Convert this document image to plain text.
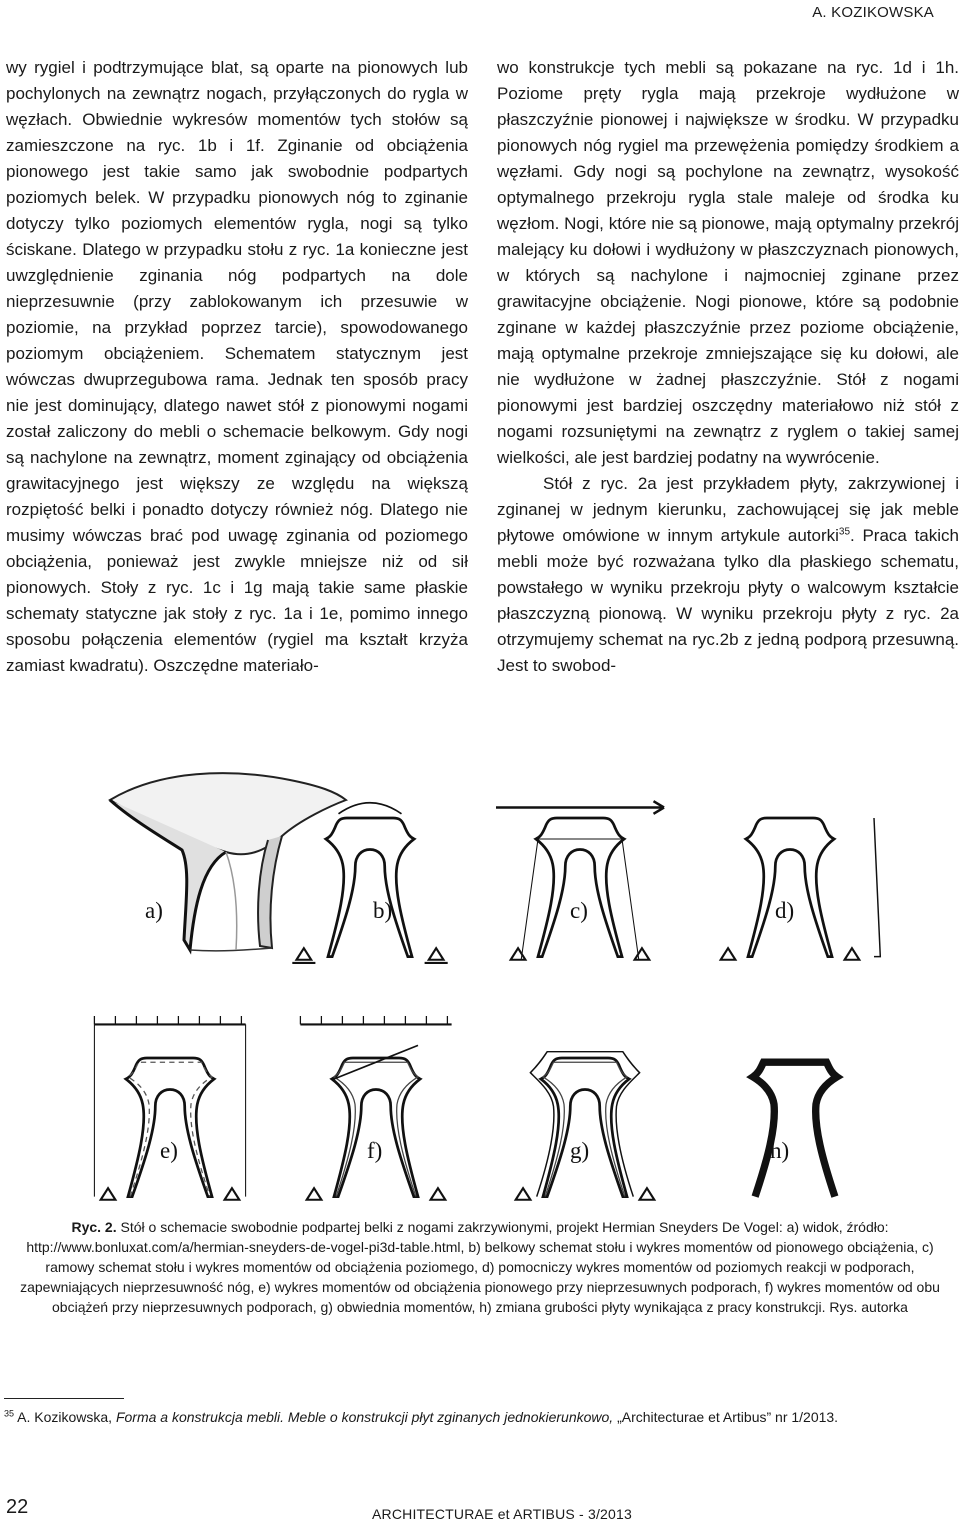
A. KOZIKOWSKA

wy rygiel i podtrzymujące blat, są oparte na pionowych lub pochylonych na zewnątrz nogach, przyłączonych do rygla w węzłach. Obwiednie wykresów momentów tych stołów są zamieszczone na ryc. 1b i 1f. Zginanie od obciążenia pionowego jest takie samo jak swobodnie podpartych poziomych belek. W przypadku pionowych nóg to zginanie dotyczy tylko poziomych elementów rygla, nogi są tylko ściskane. Dlatego w przypadku stołu z ryc. 1a konieczne jest uwzględnienie zginania nóg podpartych na dole nieprzesuwnie (przy zablokowanym ich przesuwie w poziomie, na przykład poprzez tarcie), spowodowanego poziomym obciążeniem. Schematem statycznym jest wówczas dwuprzegubowa rama. Jednak ten sposób pracy nie jest dominujący, dlatego nawet stół z pionowymi nogami został zaliczony do mebli o schemacie belkowym. Gdy nogi są nachylone na zewnątrz, moment zginający od obciążenia grawitacyjnego jest większy ze względu na większą rozpiętość belki i ponadto dotyczy również nóg. Dlatego nie musimy wówczas brać pod uwagę zginania od poziomego obciążenia, ponieważ jest zwykle mniejsze niż od sił pionowych. Stoły z ryc. 1c i 1g mają takie same płaskie schematy statyczne jak stoły z ryc. 1a i 1e, pomimo innego sposobu połączenia elementów (rygiel ma kształt krzyża zamiast kwadratu). Oszczędne materiało-

wo konstrukcje tych mebli są pokazane na ryc. 1d i 1h. Poziome pręty rygla mają przekroje wydłużone w płaszczyźnie pionowej i największe w środku. W przypadku pionowych nóg rygiel ma przewężenia pomiędzy środkiem a węzłami. Gdy nogi są pochylone na zewnątrz, wysokość optymalnego przekroju rygla stale maleje od środka ku węzłom. Nogi, które nie są pionowe, mają optymalny przekrój malejący ku dołowi i wydłużony w płaszczyznach pionowych, w których są nachylone i najmocniej zginane przez grawitacyjne obciążenie. Nogi pionowe, które są podobnie zginane w każdej płaszczyźnie przez poziome obciążenie, mają optymalne przekroje zmniejszające się ku dołowi, ale nie wydłużone w żadnej płaszczyźnie. Stół z nogami pionowymi jest bardziej oszczędny materiałowo niż stół z nogami rozsuniętymi na zewnątrz z ryglem o takiej samej wielkości, ale jest bardziej podatny na wywrócenie.

Stół z ryc. 2a jest przykładem płyty, zakrzywionej i zginanej w jednym kierunku, zachowującej się jak meble płytowe omówione w innym artykule autorki$^{35}$. Praca takich mebli może być rozważana tylko dla płaskiego schematu, powstałego w wyniku przekroju płyty o walcowym kształcie płaszczyzną pionową. W wyniku przekroju płyty z ryc. 2a otrzymujemy schemat na ryc.2b z jedną podporą przesuwną. Jest to swobod-

a)	b)	c)	d)
e)	f)	g)	h)
Ryc. 2. Stół o schemacie swobodnie podpartej belki z nogami zakrzywionymi, projekt Hermian Sneyders De Vogel: a) widok, źródło: http://www.bonluxat.com/a/hermian-sneyders-de-vogel-pi3d-table.html, b) belkowy schemat stołu i wykres momentów od pionowego obciążenia, c) ramowy schemat stołu i wykres momentów od obciążenia poziomego, d) pomocniczy wykres momentów od poziomych reakcji w podporach, zapewniających nieprzesuwność nóg, e) wykres momentów od obciążenia pionowego przy nieprzesuwnych podporach, f) wykres momentów od obu obciążeń przy nieprzesuwnych podporach, g) obwiednia momentów, h) zmiana grubości płyty wynikająca z pracy konstrukcji. Rys. autorka
$^{35}$ A. Kozikowska, Forma a konstrukcja mebli. Meble o konstrukcji płyt zginanych jednokierunkowo, „Architecturae et Artibus” nr 1/2013.
22	ARCHITECTURAE et ARTIBUS - 3/2013
